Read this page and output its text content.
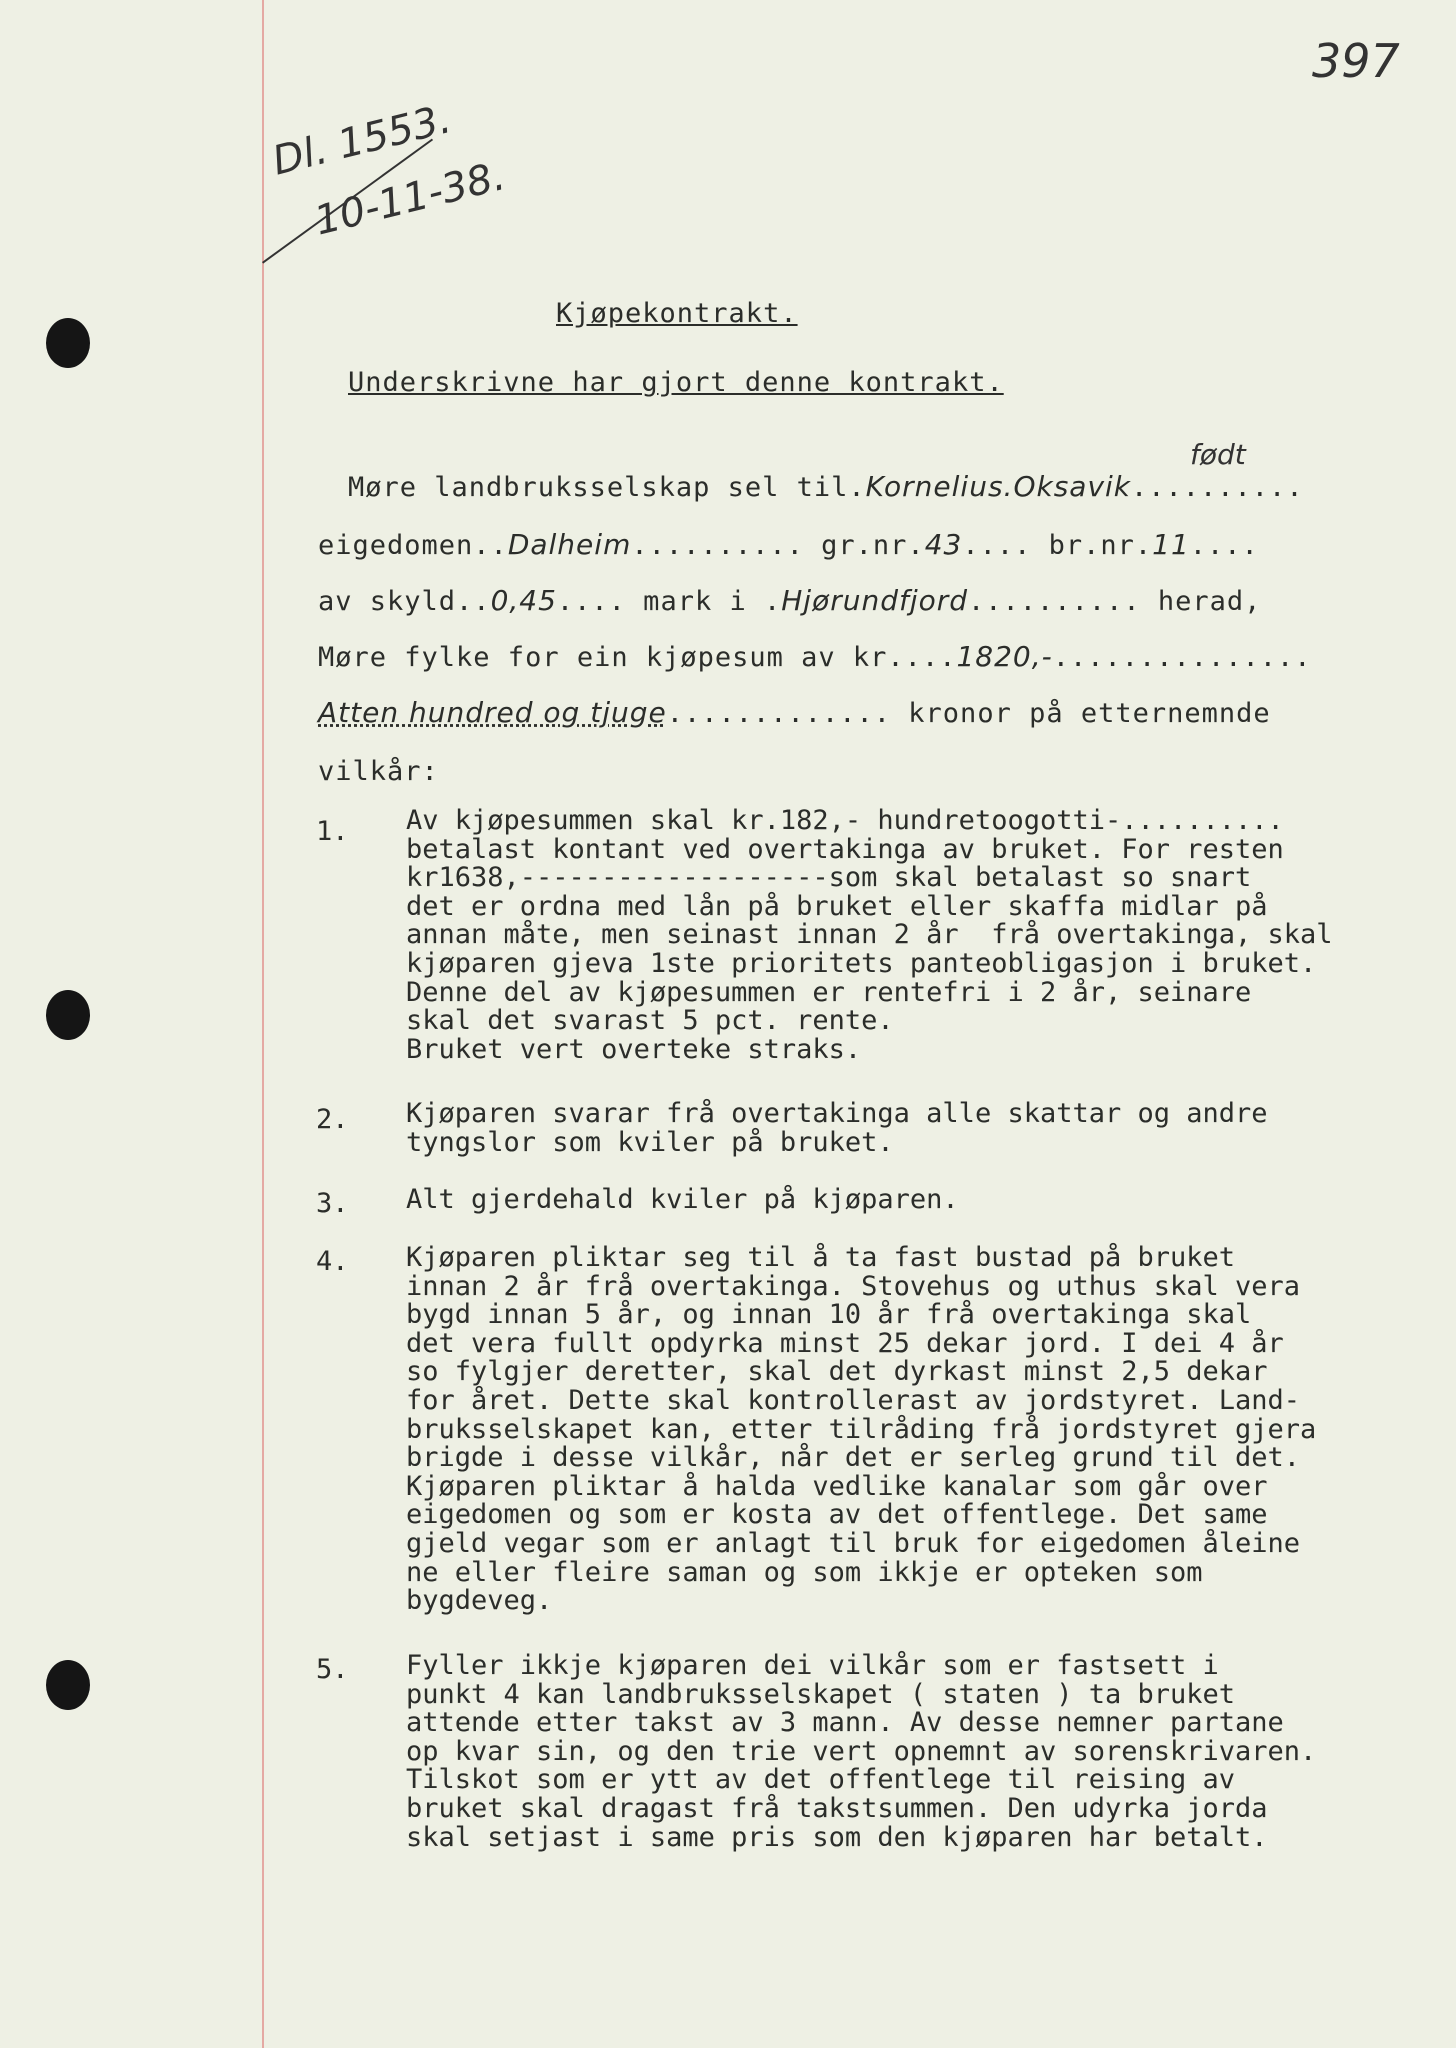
397
Dl. 1553.
10-11-38.
Kjøpekontrakt.
Underskrivne har gjort denne kontrakt.
født
Møre landbruksselskap sel til.Kornelius.Oksavik..........
eigedomen..Dalheim.......... gr.nr.43.... br.nr.11....
av skyld..0,45.... mark i .Hjørundfjord.......... herad,
Møre fylke for ein kjøpesum av kr....1820,-...............
Atten hundred og tjuge............. kronor på etternemnde
vilkår:
1. Av kjøpesummen skal kr.182,- hundretoogotti-..........
betalast kontant ved overtakinga av bruket. For resten
kr1638,-------------------som skal betalast so snart
det er ordna med lån på bruket eller skaffa midlar på
annan måte, men seinast innan 2 år  frå overtakinga, skal
kjøparen gjeva 1ste prioritets panteobligasjon i bruket.
Denne del av kjøpesummen er rentefri i 2 år, seinare
skal det svarast 5 pct. rente.
Bruket vert overteke straks.
2. Kjøparen svarar frå overtakinga alle skattar og andre
tyngslor som kviler på bruket.
3. Alt gjerdehald kviler på kjøparen.
4. Kjøparen pliktar seg til å ta fast bustad på bruket
innan 2 år frå overtakinga. Stovehus og uthus skal vera
bygd innan 5 år, og innan 10 år frå overtakinga skal
det vera fullt opdyrka minst 25 dekar jord. I dei 4 år
so fylgjer deretter, skal det dyrkast minst 2,5 dekar
for året. Dette skal kontrollerast av jordstyret. Land-
bruksselskapet kan, etter tilråding frå jordstyret gjera
brigde i desse vilkår, når det er serleg grund til det.
Kjøparen pliktar å halda vedlike kanalar som går over
eigedomen og som er kosta av det offentlege. Det same
gjeld vegar som er anlagt til bruk for eigedomen åleine
ne eller fleire saman og som ikkje er opteken som
bygdeveg.
5. Fyller ikkje kjøparen dei vilkår som er fastsett i
punkt 4 kan landbruksselskapet ( staten ) ta bruket
attende etter takst av 3 mann. Av desse nemner partane
op kvar sin, og den trie vert opnemnt av sorenskrivaren.
Tilskot som er ytt av det offentlege til reising av
bruket skal dragast frå takstsummen. Den udyrka jorda
skal setjast i same pris som den kjøparen har betalt.
